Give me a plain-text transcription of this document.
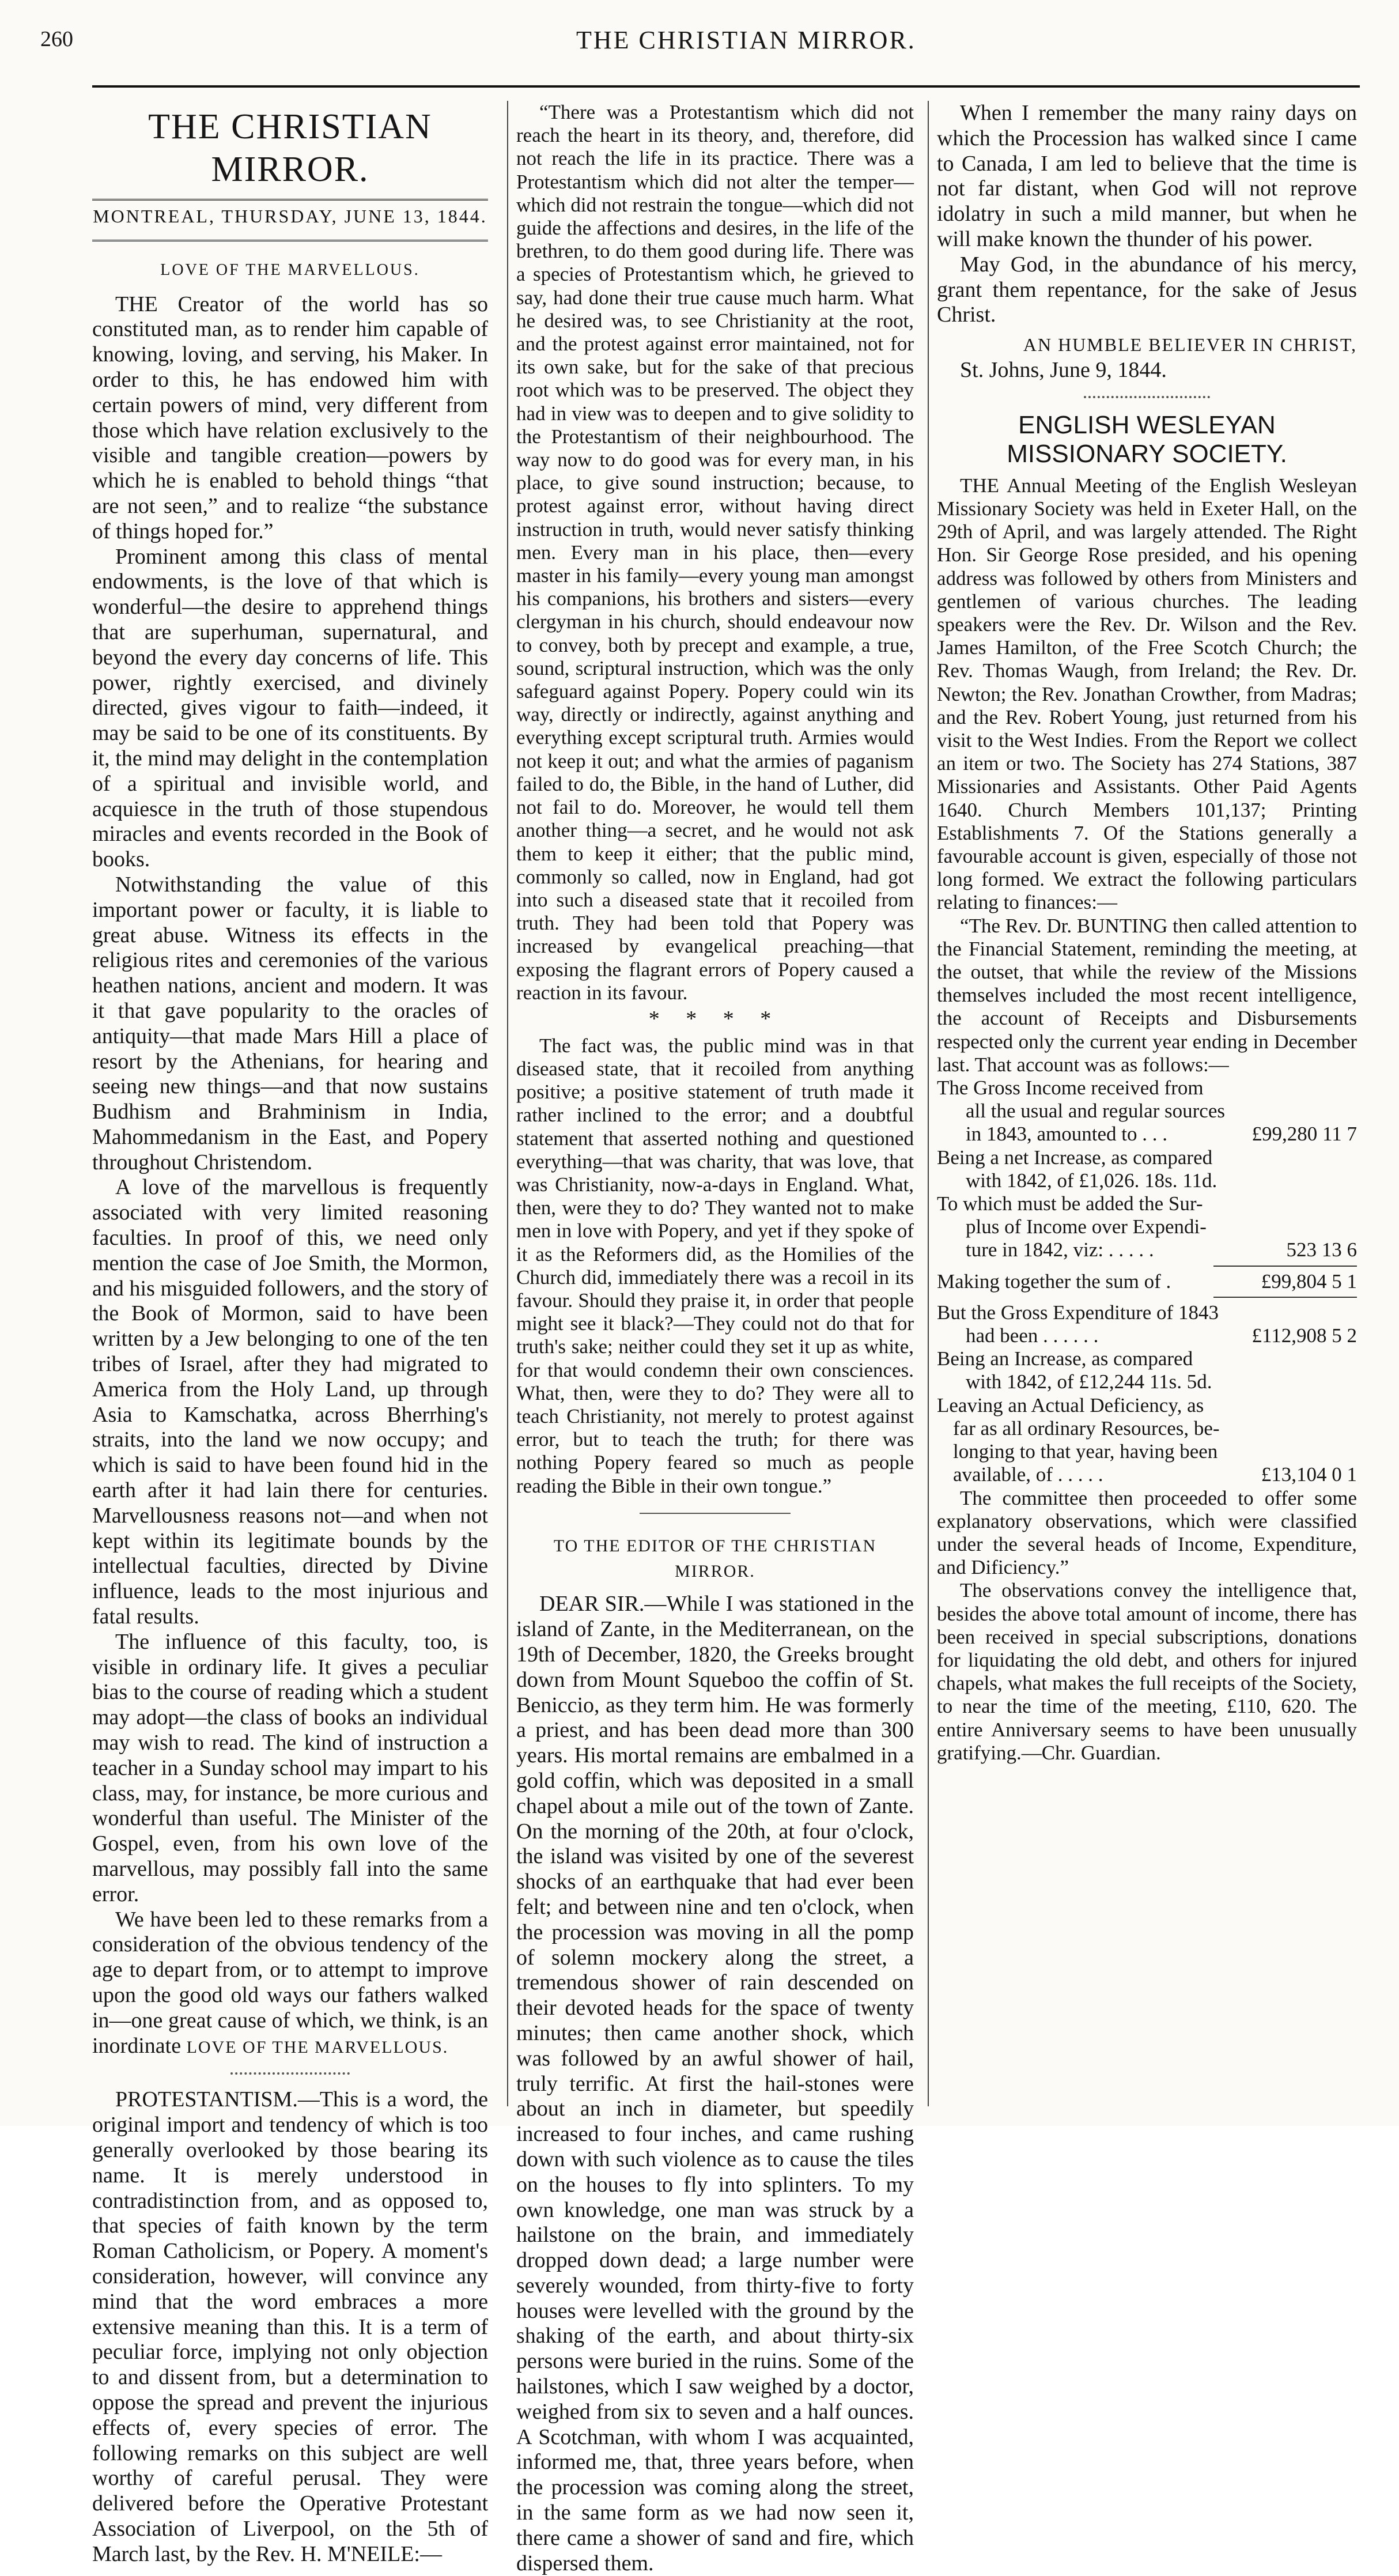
260	THE CHRISTIAN MIRROR.
THE CHRISTIAN MIRROR.
MONTREAL, THURSDAY, JUNE 13, 1844.
LOVE OF THE MARVELLOUS.

THE Creator of the world has so constituted man, as to render him capable of knowing, loving, and serving, his Maker. In order to this, he has endowed him with certain powers of mind, very different from those which have relation exclusively to the visible and tangible creation—powers by which he is enabled to behold things “that are not seen,” and to realize “the substance of things hoped for.”

Prominent among this class of mental endowments, is the love of that which is wonderful—the desire to apprehend things that are superhuman, supernatural, and beyond the every day concerns of life. This power, rightly exercised, and divinely directed, gives vigour to faith—indeed, it may be said to be one of its constituents. By it, the mind may delight in the contemplation of a spiritual and invisible world, and acquiesce in the truth of those stupendous miracles and events recorded in the Book of books.

Notwithstanding the value of this important power or faculty, it is liable to great abuse. Witness its effects in the religious rites and ceremonies of the various heathen nations, ancient and modern. It was it that gave popularity to the oracles of antiquity—that made Mars Hill a place of resort by the Athenians, for hearing and seeing new things—and that now sustains Budhism and Brahminism in India, Mahommedanism in the East, and Popery throughout Christendom.

A love of the marvellous is frequently associated with very limited reasoning faculties. In proof of this, we need only mention the case of Joe Smith, the Mormon, and his misguided followers, and the story of the Book of Mormon, said to have been written by a Jew belonging to one of the ten tribes of Israel, after they had migrated to America from the Holy Land, up through Asia to Kamschatka, across Bherrhing's straits, into the land we now occupy; and which is said to have been found hid in the earth after it had lain there for centuries. Marvellousness reasons not—and when not kept within its legitimate bounds by the intellectual faculties, directed by Divine influence, leads to the most injurious and fatal results.

The influence of this faculty, too, is visible in ordinary life. It gives a peculiar bias to the course of reading which a student may adopt—the class of books an individual may wish to read. The kind of instruction a teacher in a Sunday school may impart to his class, may, for instance, be more curious and wonderful than useful. The Minister of the Gospel, even, from his own love of the marvellous, may possibly fall into the same error.

We have been led to these remarks from a consideration of the obvious tendency of the age to depart from, or to attempt to improve upon the good old ways our fathers walked in—one great cause of which, we think, is an inordinate LOVE OF THE MARVELLOUS.

PROTESTANTISM.—This is a word, the original import and tendency of which is too generally overlooked by those bearing its name. It is merely understood in contradistinction from, and as opposed to, that species of faith known by the term Roman Catholicism, or Popery. A moment's consideration, however, will convince any mind that the word embraces a more extensive meaning than this. It is a term of peculiar force, implying not only objection to and dissent from, but a determination to oppose the spread and prevent the injurious effects of, every species of error. The following remarks on this subject are well worthy of careful perusal. They were delivered before the Operative Protestant Association of Liverpool, on the 5th of March last, by the Rev. H. M'NEILE:—

“There was a Protestantism which did not reach the heart in its theory, and, therefore, did not reach the life in its practice. There was a Protestantism which did not alter the temper—which did not restrain the tongue—which did not guide the affections and desires, in the life of the brethren, to do them good during life. There was a species of Protestantism which, he grieved to say, had done their true cause much harm. What he desired was, to see Christianity at the root, and the protest against error maintained, not for its own sake, but for the sake of that precious root which was to be preserved. The object they had in view was to deepen and to give solidity to the Protestantism of their neighbourhood. The way now to do good was for every man, in his place, to give sound instruction; because, to protest against error, without having direct instruction in truth, would never satisfy thinking men. Every man in his place, then—every master in his family—every young man amongst his companions, his brothers and sisters—every clergyman in his church, should endeavour now to convey, both by precept and example, a true, sound, scriptural instruction, which was the only safeguard against Popery. Popery could win its way, directly or indirectly, against anything and everything except scriptural truth. Armies would not keep it out; and what the armies of paganism failed to do, the Bible, in the hand of Luther, did not fail to do. Moreover, he would tell them another thing—a secret, and he would not ask them to keep it either; that the public mind, commonly so called, now in England, had got into such a diseased state that it recoiled from truth. They had been told that Popery was increased by evangelical preaching—that exposing the flagrant errors of Popery caused a reaction in its favour.

* * * *

The fact was, the public mind was in that diseased state, that it recoiled from anything positive; a positive statement of truth made it rather inclined to the error; and a doubtful statement that asserted nothing and questioned everything—that was charity, that was love, that was Christianity, now-a-days in England. What, then, were they to do? They wanted not to make men in love with Popery, and yet if they spoke of it as the Reformers did, as the Homilies of the Church did, immediately there was a recoil in its favour. Should they praise it, in order that people might see it black?—They could not do that for truth's sake; neither could they set it up as white, for that would condemn their own consciences. What, then, were they to do? They were all to teach Christianity, not merely to protest against error, but to teach the truth; for there was nothing Popery feared so much as people reading the Bible in their own tongue.”

TO THE EDITOR OF THE CHRISTIAN MIRROR.

DEAR SIR.—While I was stationed in the island of Zante, in the Mediterranean, on the 19th of December, 1820, the Greeks brought down from Mount Squeboo the coffin of St. Beniccio, as they term him. He was formerly a priest, and has been dead more than 300 years. His mortal remains are embalmed in a gold coffin, which was deposited in a small chapel about a mile out of the town of Zante. On the morning of the 20th, at four o'clock, the island was visited by one of the severest shocks of an earthquake that had ever been felt; and between nine and ten o'clock, when the procession was moving in all the pomp of solemn mockery along the street, a tremendous shower of rain descended on their devoted heads for the space of twenty minutes; then came another shock, which was followed by an awful shower of hail, truly terrific. At first the hail-stones were about an inch in diameter, but speedily increased to four inches, and came rushing down with such violence as to cause the tiles on the houses to fly into splinters. To my own knowledge, one man was struck by a hailstone on the brain, and immediately dropped down dead; a large number were severely wounded, from thirty-five to forty houses were levelled with the ground by the shaking of the earth, and about thirty-six persons were buried in the ruins. Some of the hailstones, which I saw weighed by a doctor, weighed from six to seven and a half ounces. A Scotchman, with whom I was acquainted, informed me, that, three years before, when the procession was coming along the street, in the same form as we had now seen it, there came a shower of sand and fire, which dispersed them.

When I remember the many rainy days on which the Procession has walked since I came to Canada, I am led to believe that the time is not far distant, when God will not reprove idolatry in such a mild manner, but when he will make known the thunder of his power.

May God, in the abundance of his mercy, grant them repentance, for the sake of Jesus Christ.

AN HUMBLE BELIEVER IN CHRIST,

St. Johns, June 9, 1844.

ENGLISH WESLEYAN MISSIONARY SOCIETY.

THE Annual Meeting of the English Wesleyan Missionary Society was held in Exeter Hall, on the 29th of April, and was largely attended. The Right Hon. Sir George Rose presided, and his opening address was followed by others from Ministers and gentlemen of various churches. The leading speakers were the Rev. Dr. Wilson and the Rev. James Hamilton, of the Free Scotch Church; the Rev. Thomas Waugh, from Ireland; the Rev. Dr. Newton; the Rev. Jonathan Crowther, from Madras; and the Rev. Robert Young, just returned from his visit to the West Indies. From the Report we collect an item or two. The Society has 274 Stations, 387 Missionaries and Assistants. Other Paid Agents 1640. Church Members 101,137; Printing Establishments 7. Of the Stations generally a favourable account is given, especially of those not long formed. We extract the following particulars relating to finances:—

“The Rev. Dr. BUNTING then called attention to the Financial Statement, reminding the meeting, at the outset, that while the review of the Missions themselves included the most recent intelligence, the account of Receipts and Disbursements respected only the current year ending in December last. That account was as follows:—

The Gross Income received from
all the usual and regular sources
in 1843, amounted to . . .	£99,280 11 7
Being a net Increase, as compared
with 1842, of £1,026. 18s. 11d.
To which must be added the Sur-
plus of Income over Expendi-
ture in 1842, viz: . . . . .	523 13 6
Making together the sum of .	£99,804 5 1
But the Gross Expenditure of 1843
had been . . . . . .	£112,908 5 2
Being an Increase, as compared
with 1842, of £12,244 11s. 5d.
Leaving an Actual Deficiency, as
far as all ordinary Resources, be-
longing to that year, having been
available, of . . . . .	£13,104 0 1

The committee then proceeded to offer some explanatory observations, which were classified under the several heads of Income, Expenditure, and Dificiency.”

The observations convey the intelligence that, besides the above total amount of income, there has been received in special subscriptions, donations for liquidating the old debt, and others for injured chapels, what makes the full receipts of the Society, to near the time of the meeting, £110, 620. The entire Anniversary seems to have been unusually gratifying.—Chr. Guardian.
